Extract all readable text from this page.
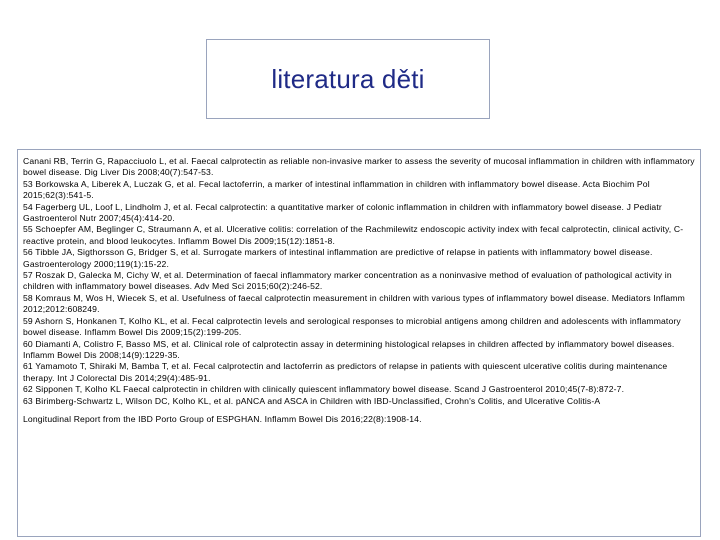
literatura děti
Canani RB, Terrin G, Rapacciuolo L, et al. Faecal calprotectin as reliable non-invasive marker to assess the severity of mucosal inflammation in children with inflammatory bowel disease. Dig Liver Dis 2008;40(7):547-53.
53 Borkowska A, Liberek A, Luczak G, et al. Fecal lactoferrin, a marker of intestinal inflammation in children with inflammatory bowel disease. Acta Biochim Pol 2015;62(3):541-5.
54 Fagerberg UL, Loof L, Lindholm J, et al. Fecal calprotectin: a quantitative marker of colonic inflammation in children with inflammatory bowel disease. J Pediatr Gastroenterol Nutr 2007;45(4):414-20.
55 Schoepfer AM, Beglinger C, Straumann A, et al. Ulcerative colitis: correlation of the Rachmilewitz endoscopic activity index with fecal calprotectin, clinical activity, C-reactive protein, and blood leukocytes. Inflamm Bowel Dis 2009;15(12):1851-8.
56 Tibble JA, Sigthorsson G, Bridger S, et al. Surrogate markers of intestinal inflammation are predictive of relapse in patients with inflammatory bowel disease. Gastroenterology 2000;119(1):15-22.
57 Roszak D, Galecka M, Cichy W, et al. Determination of faecal inflammatory marker concentration as a noninvasive method of evaluation of pathological activity in children with inflammatory bowel diseases. Adv Med Sci 2015;60(2):246-52.
58 Komraus M, Wos H, Wiecek S, et al. Usefulness of faecal calprotectin measurement in children with various types of inflammatory bowel disease. Mediators Inflamm 2012;2012:608249.
59 Ashorn S, Honkanen T, Kolho KL, et al. Fecal calprotectin levels and serological responses to microbial antigens among children and adolescents with inflammatory bowel disease. Inflamm Bowel Dis 2009;15(2):199-205.
60 Diamanti A, Colistro F, Basso MS, et al. Clinical role of calprotectin assay in determining histological relapses in children affected by inflammatory bowel diseases. Inflamm Bowel Dis 2008;14(9):1229-35.
61 Yamamoto T, Shiraki M, Bamba T, et al. Fecal calprotectin and lactoferrin as predictors of relapse in patients with quiescent ulcerative colitis during maintenance therapy. Int J Colorectal Dis 2014;29(4):485-91.
62 Sipponen T, Kolho KL Faecal calprotectin in children with clinically quiescent inflammatory bowel disease. Scand J Gastroenterol 2010;45(7-8):872-7.
63 Birimberg-Schwartz L, Wilson DC, Kolho KL, et al. pANCA and ASCA in Children with IBD-Unclassified, Crohn's Colitis, and Ulcerative Colitis-A
Longitudinal Report from the IBD Porto Group of ESPGHAN. Inflamm Bowel Dis 2016;22(8):1908-14.
